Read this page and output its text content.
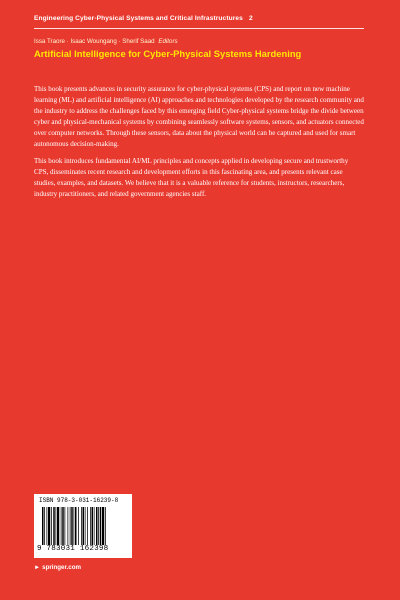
Engineering Cyber-Physical Systems and Critical Infrastructures 2
Issa Traore · Isaac Woungang · Sherif Saad Editors
Artificial Intelligence for Cyber-Physical Systems Hardening

This book presents advances in security assurance for cyber-physical systems (CPS) and report on new machine learning (ML) and artificial intelligence (AI) approaches and technologies developed by the research community and the industry to address the challenges faced by this emerging field Cyber-physical systems bridge the divide between cyber and physical-mechanical systems by combining seamlessly software systems, sensors, and actuators connected over computer networks. Through these sensors, data about the physical world can be captured and used for smart autonomous decision-making.

This book introduces fundamental AI/ML principles and concepts applied in developing secure and trustworthy CPS, disseminates recent research and development efforts in this fascinating area, and presents relevant case studies, examples, and datasets. We believe that it is a valuable reference for students, instructors, researchers, industry practitioners, and related government agencies staff.

ISBN 978-3-031-16239-8
9 783031 162398
► springer.com
